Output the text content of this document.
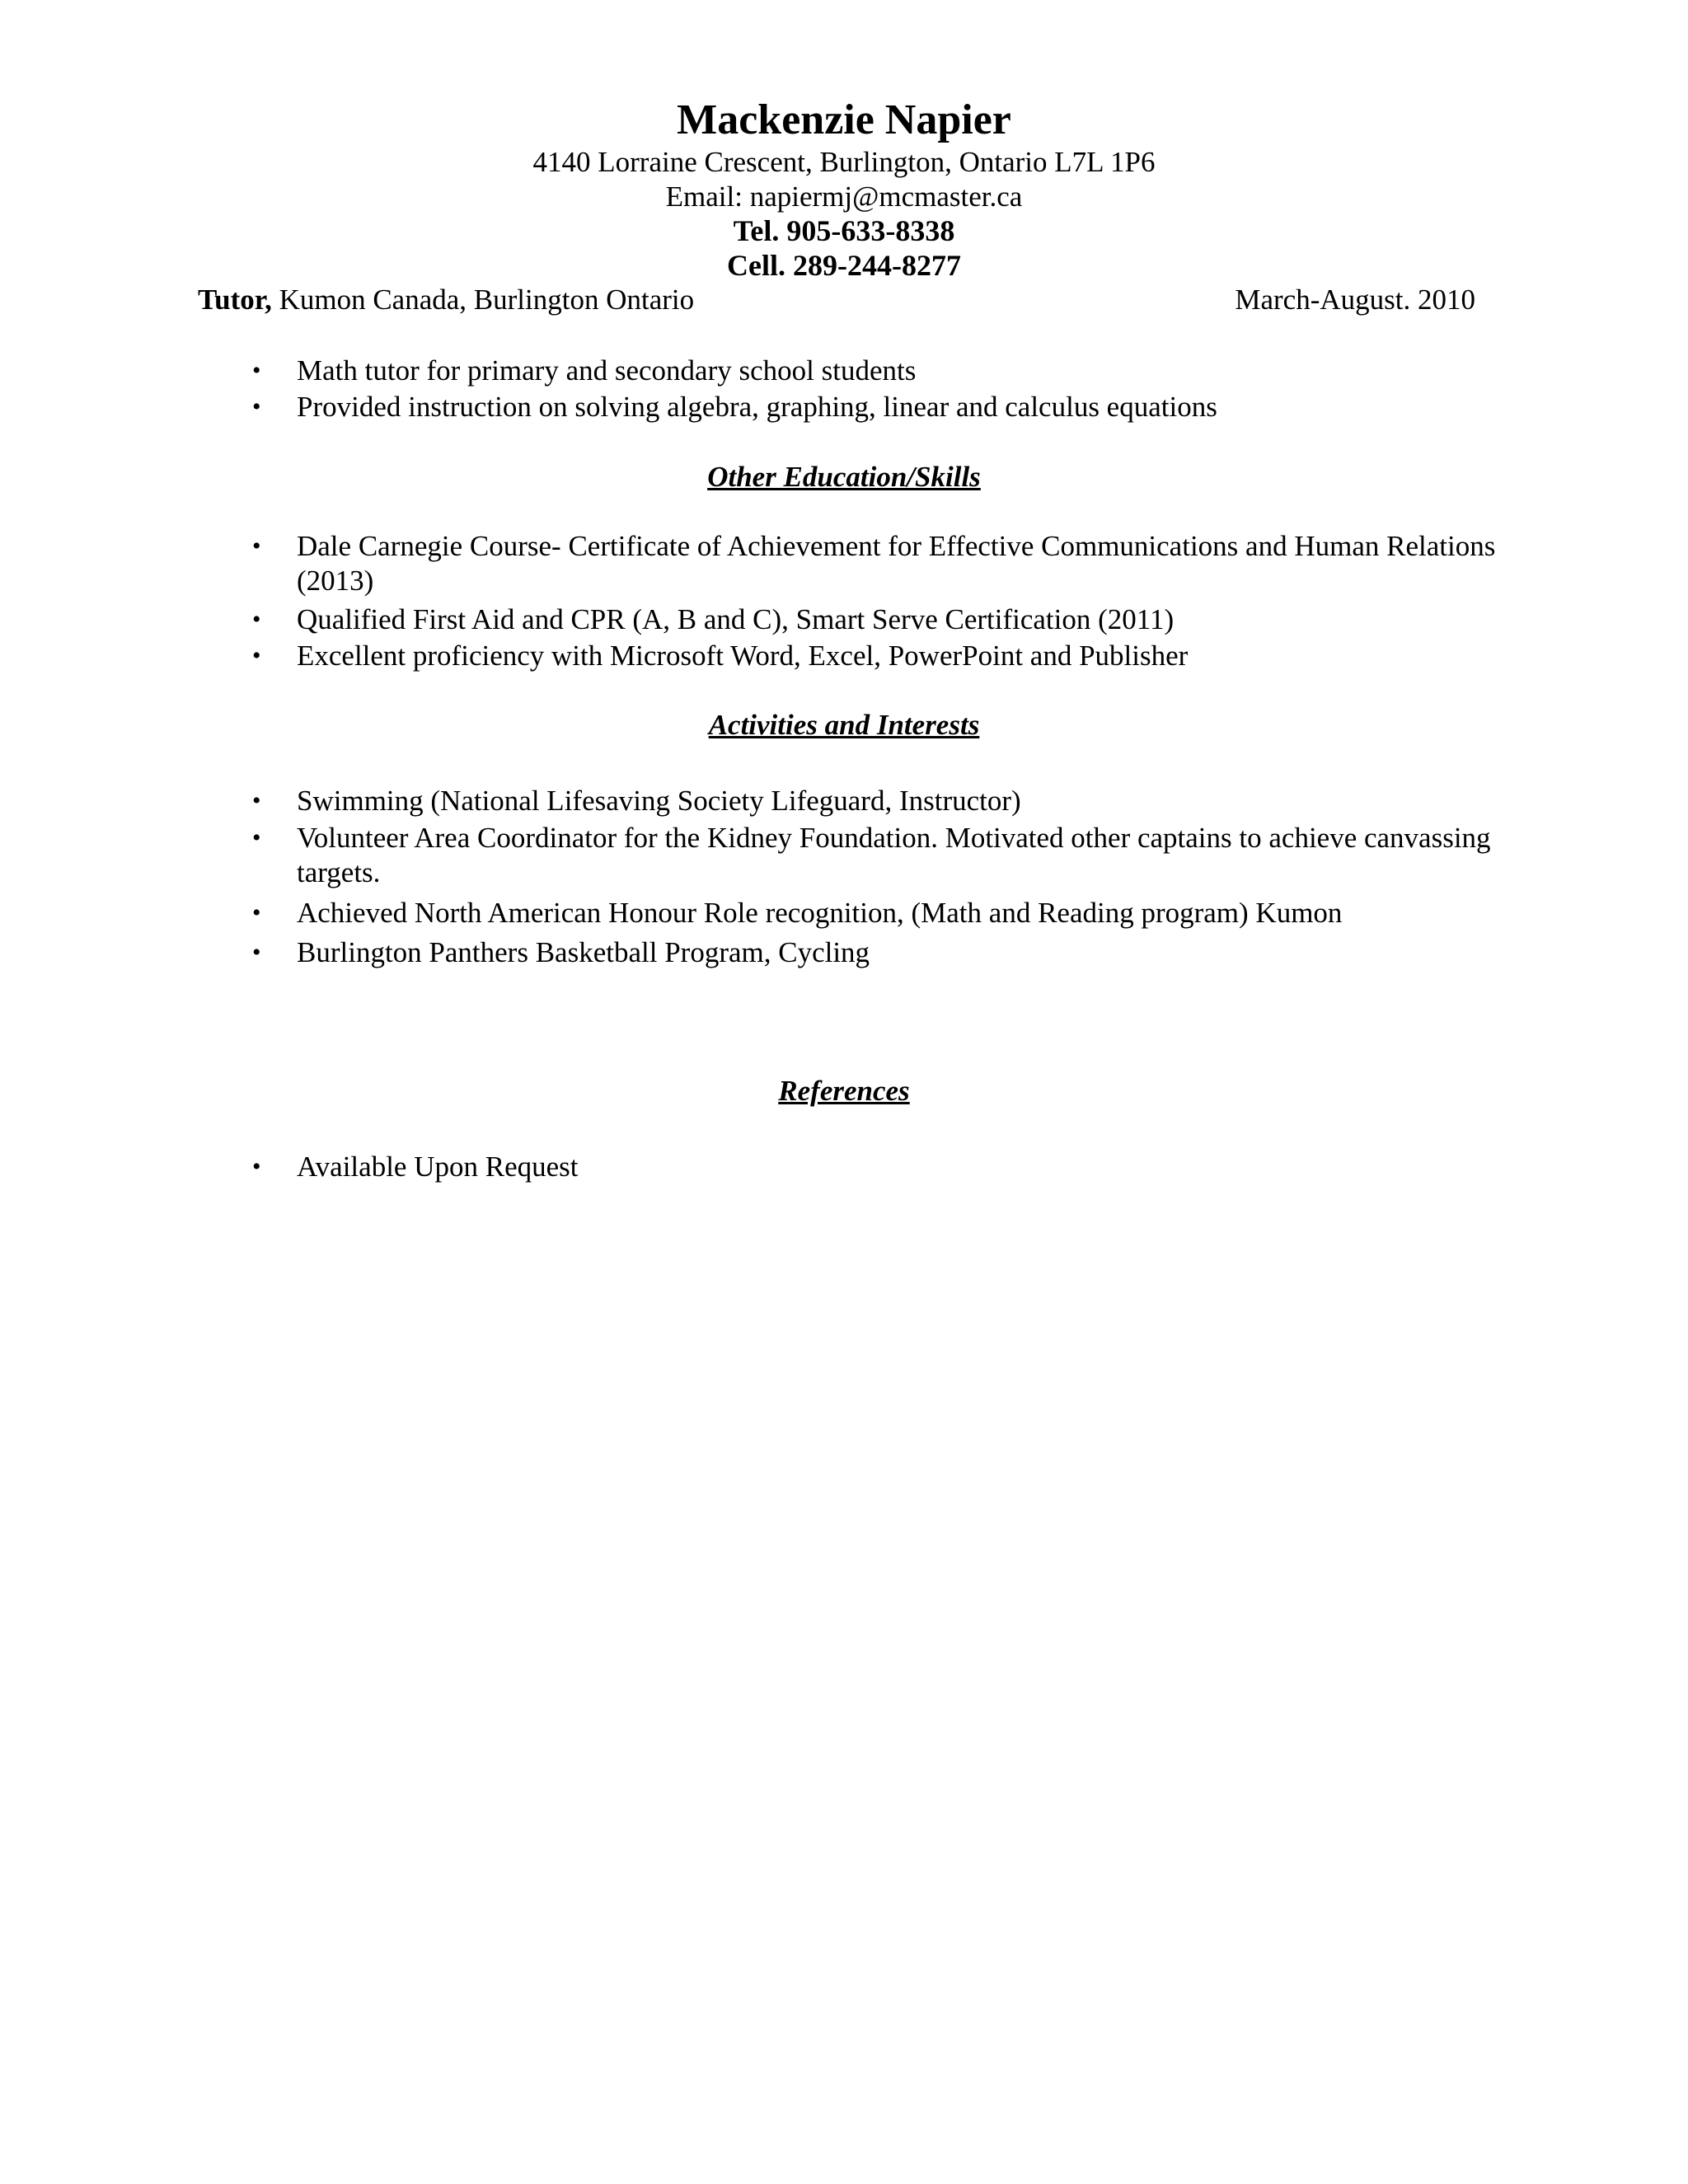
Mackenzie Napier
4140 Lorraine Crescent, Burlington, Ontario L7L 1P6
Email: napiermj@mcmaster.ca
Tel. 905-633-8338
Cell. 289-244-8277
Tutor, Kumon Canada, Burlington Ontario	March-August. 2010
• Math tutor for primary and secondary school students
• Provided instruction on solving algebra, graphing, linear and calculus equations
Other Education/Skills
• Dale Carnegie Course- Certificate of Achievement for Effective Communications and Human Relations (2013)
• Qualified First Aid and CPR (A, B and C), Smart Serve Certification (2011)
• Excellent proficiency with Microsoft Word, Excel, PowerPoint and Publisher
Activities and Interests
• Swimming (National Lifesaving Society Lifeguard, Instructor)
• Volunteer Area Coordinator for the Kidney Foundation. Motivated other captains to achieve canvassing targets.
• Achieved North American Honour Role recognition, (Math and Reading program) Kumon
• Burlington Panthers Basketball Program, Cycling
References
• Available Upon Request
